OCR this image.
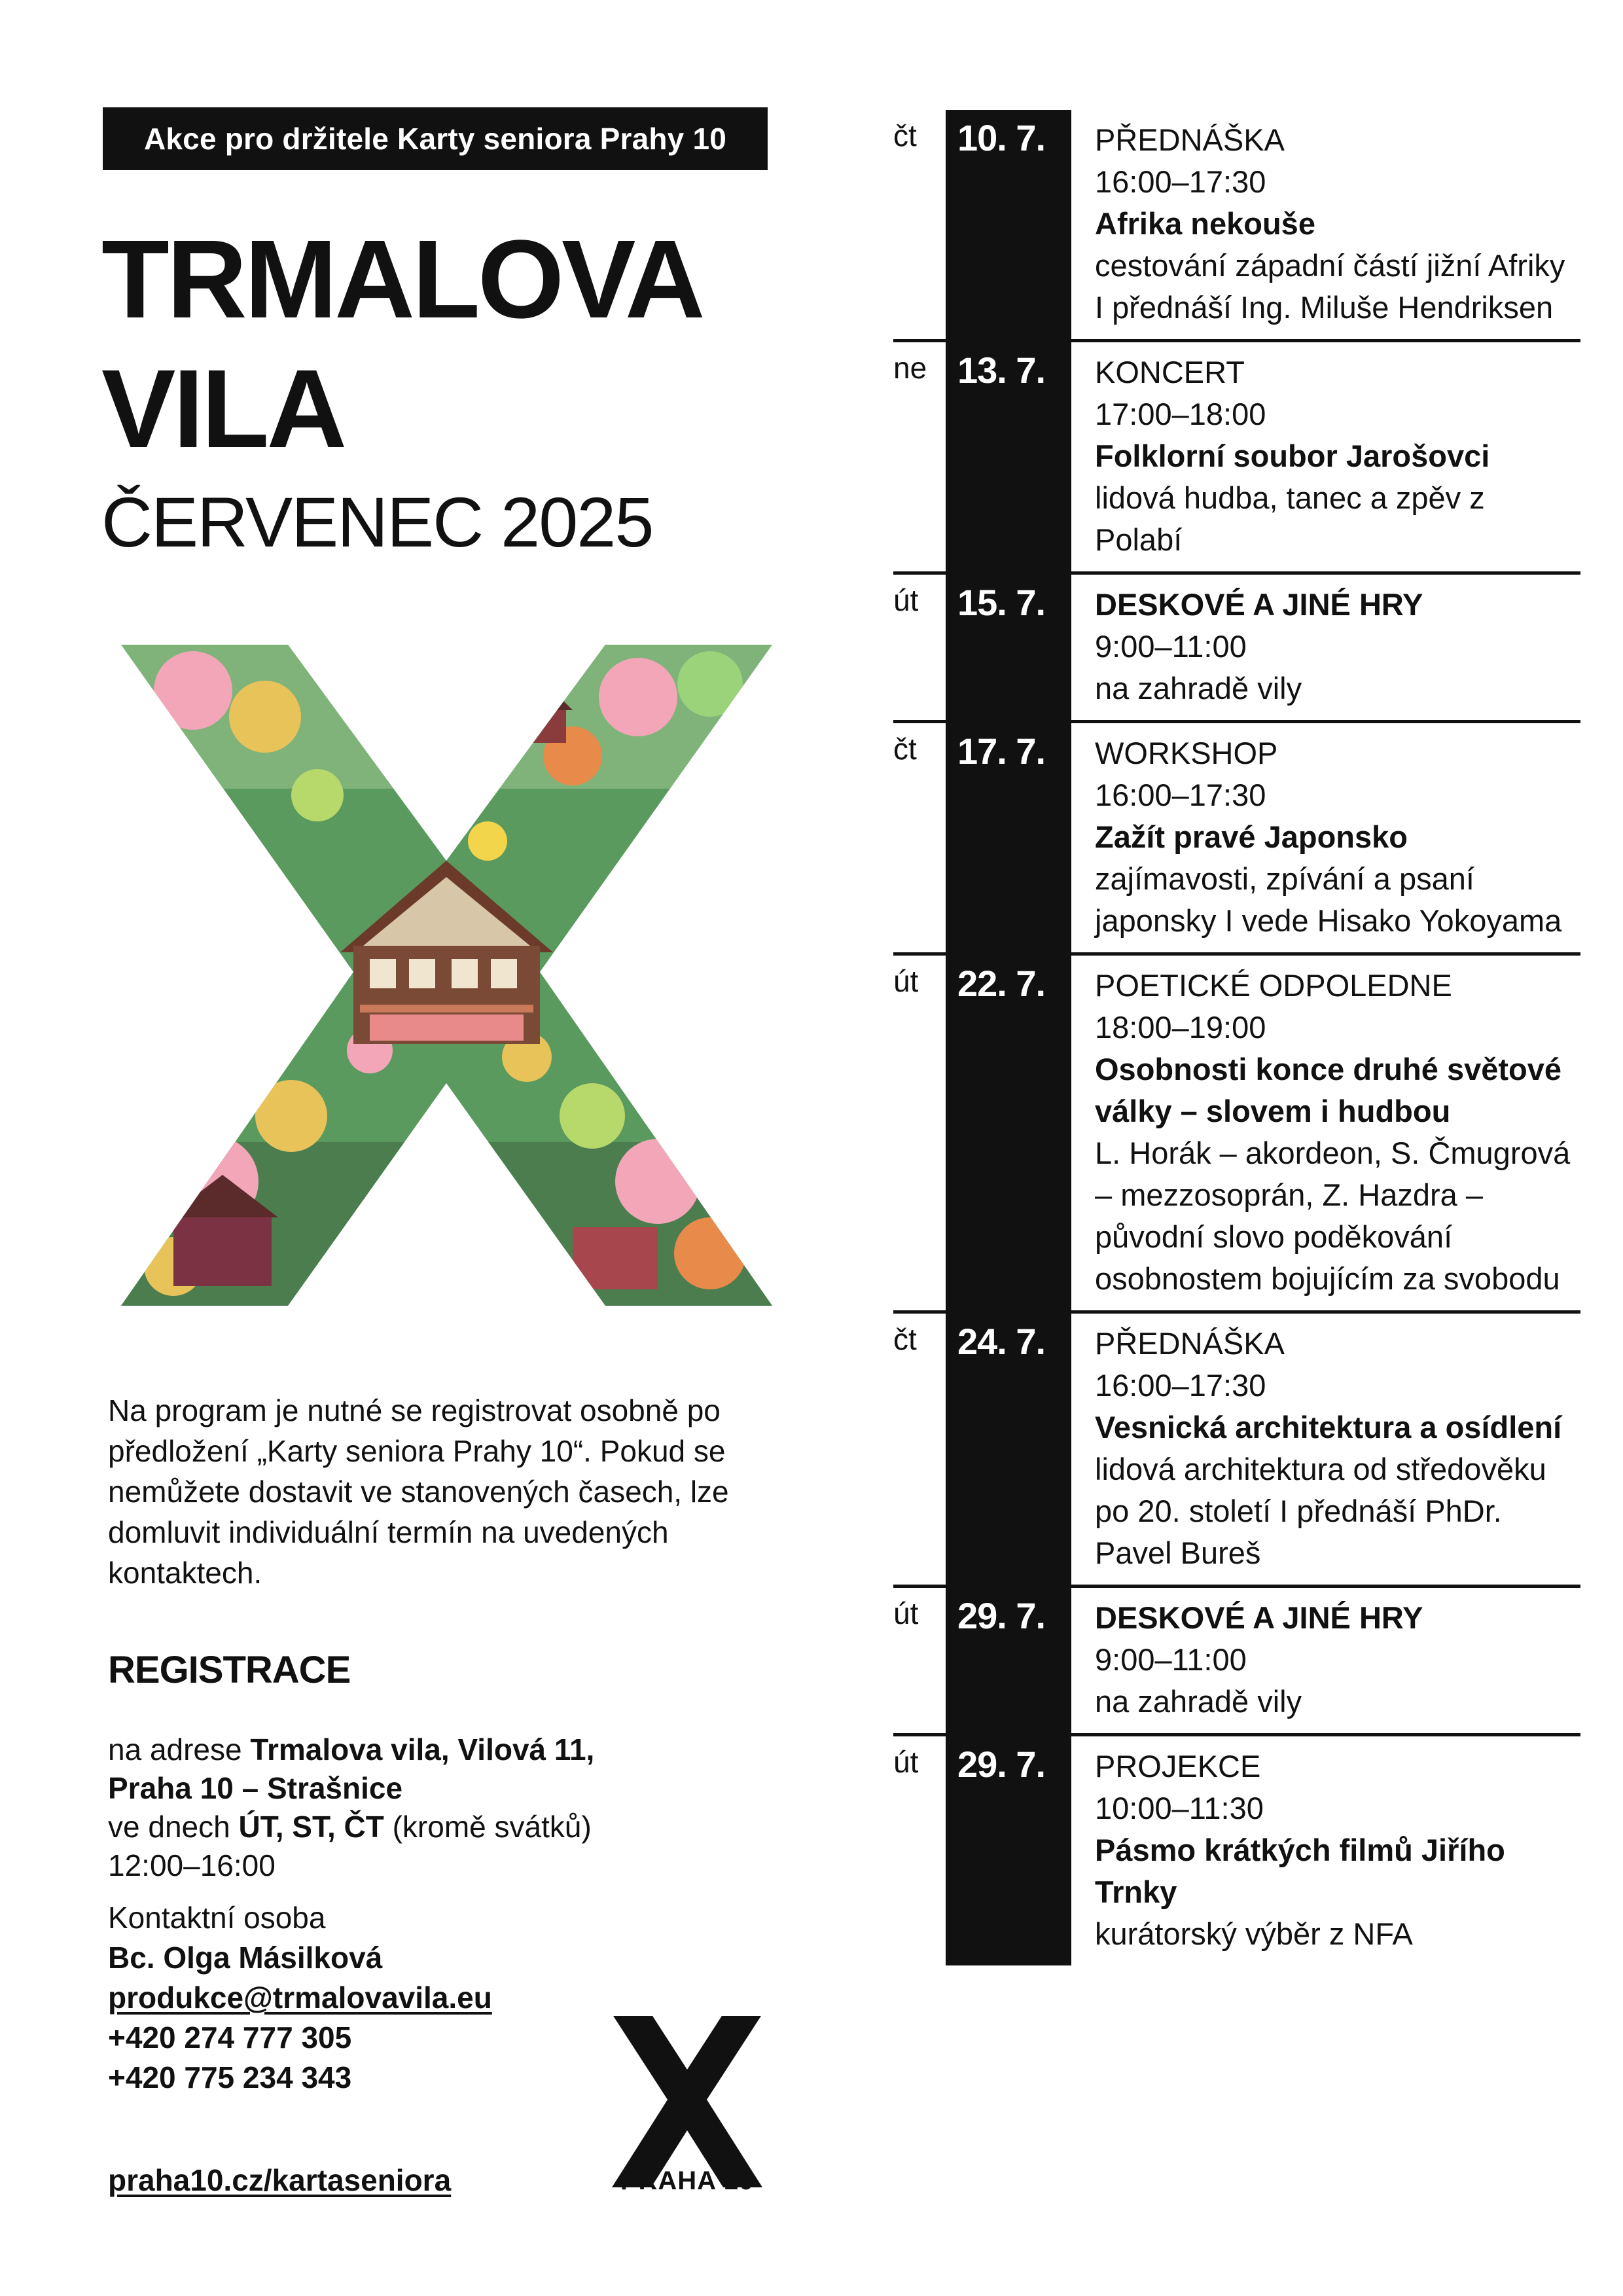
Akce pro držitele Karty seniora Prahy 10
TRMALOVA
VILA
ČERVENEC 2025
Na program je nutné se registrovat osobně po předložení „Karty seniora Prahy 10“. Pokud se nemůžete dostavit ve stanovených časech, lze domluvit individuální termín na uvedených kontaktech.
REGISTRACE
na adrese Trmalova vila, Vilová 11,
Praha 10 – Strašnice
ve dnech ÚT, ST, ČT (kromě svátků)
12:00–16:00
Kontaktní osoba
Bc. Olga Másilková
produkce@trmalovavila.eu
+420 274 777 305
+420 775 234 343
praha10.cz/kartaseniora	PRAHA 10
čt	10. 7.	PŘEDNÁŠKA
16:00–17:30
Afrika nekouše
cestování západní částí jižní Afriky I přednáší Ing. Miluše Hendriksen
ne 13. 7.	KONCERT
17:00–18:00
Folklorní soubor Jarošovci
lidová hudba, tanec a zpěv z Polabí
út	15. 7.	DESKOVÉ A JINÉ HRY
9:00–11:00
na zahradě vily
čt	17. 7.	WORKSHOP
16:00–17:30
Zažít pravé Japonsko
zajímavosti, zpívání a psaní japonsky I vede Hisako Yokoyama
út	22. 7.	POETICKÉ ODPOLEDNE
18:00–19:00
Osobnosti konce druhé světové války – slovem i hudbou
L. Horák – akordeon, S. Čmugrová – mezzosoprán, Z. Hazdra – původní slovo poděkování osobnostem bojujícím za svobodu
čt	24. 7.	PŘEDNÁŠKA
16:00–17:30
Vesnická architektura a osídlení
lidová architektura od středověku po 20. století I přednáší PhDr. Pavel Bureš
út	29. 7.	DESKOVÉ A JINÉ HRY
9:00–11:00
na zahradě vily
út	29. 7.	PROJEKCE
10:00–11:30
Pásmo krátkých filmů Jiřího Trnky
kurátorský výběr z NFA
